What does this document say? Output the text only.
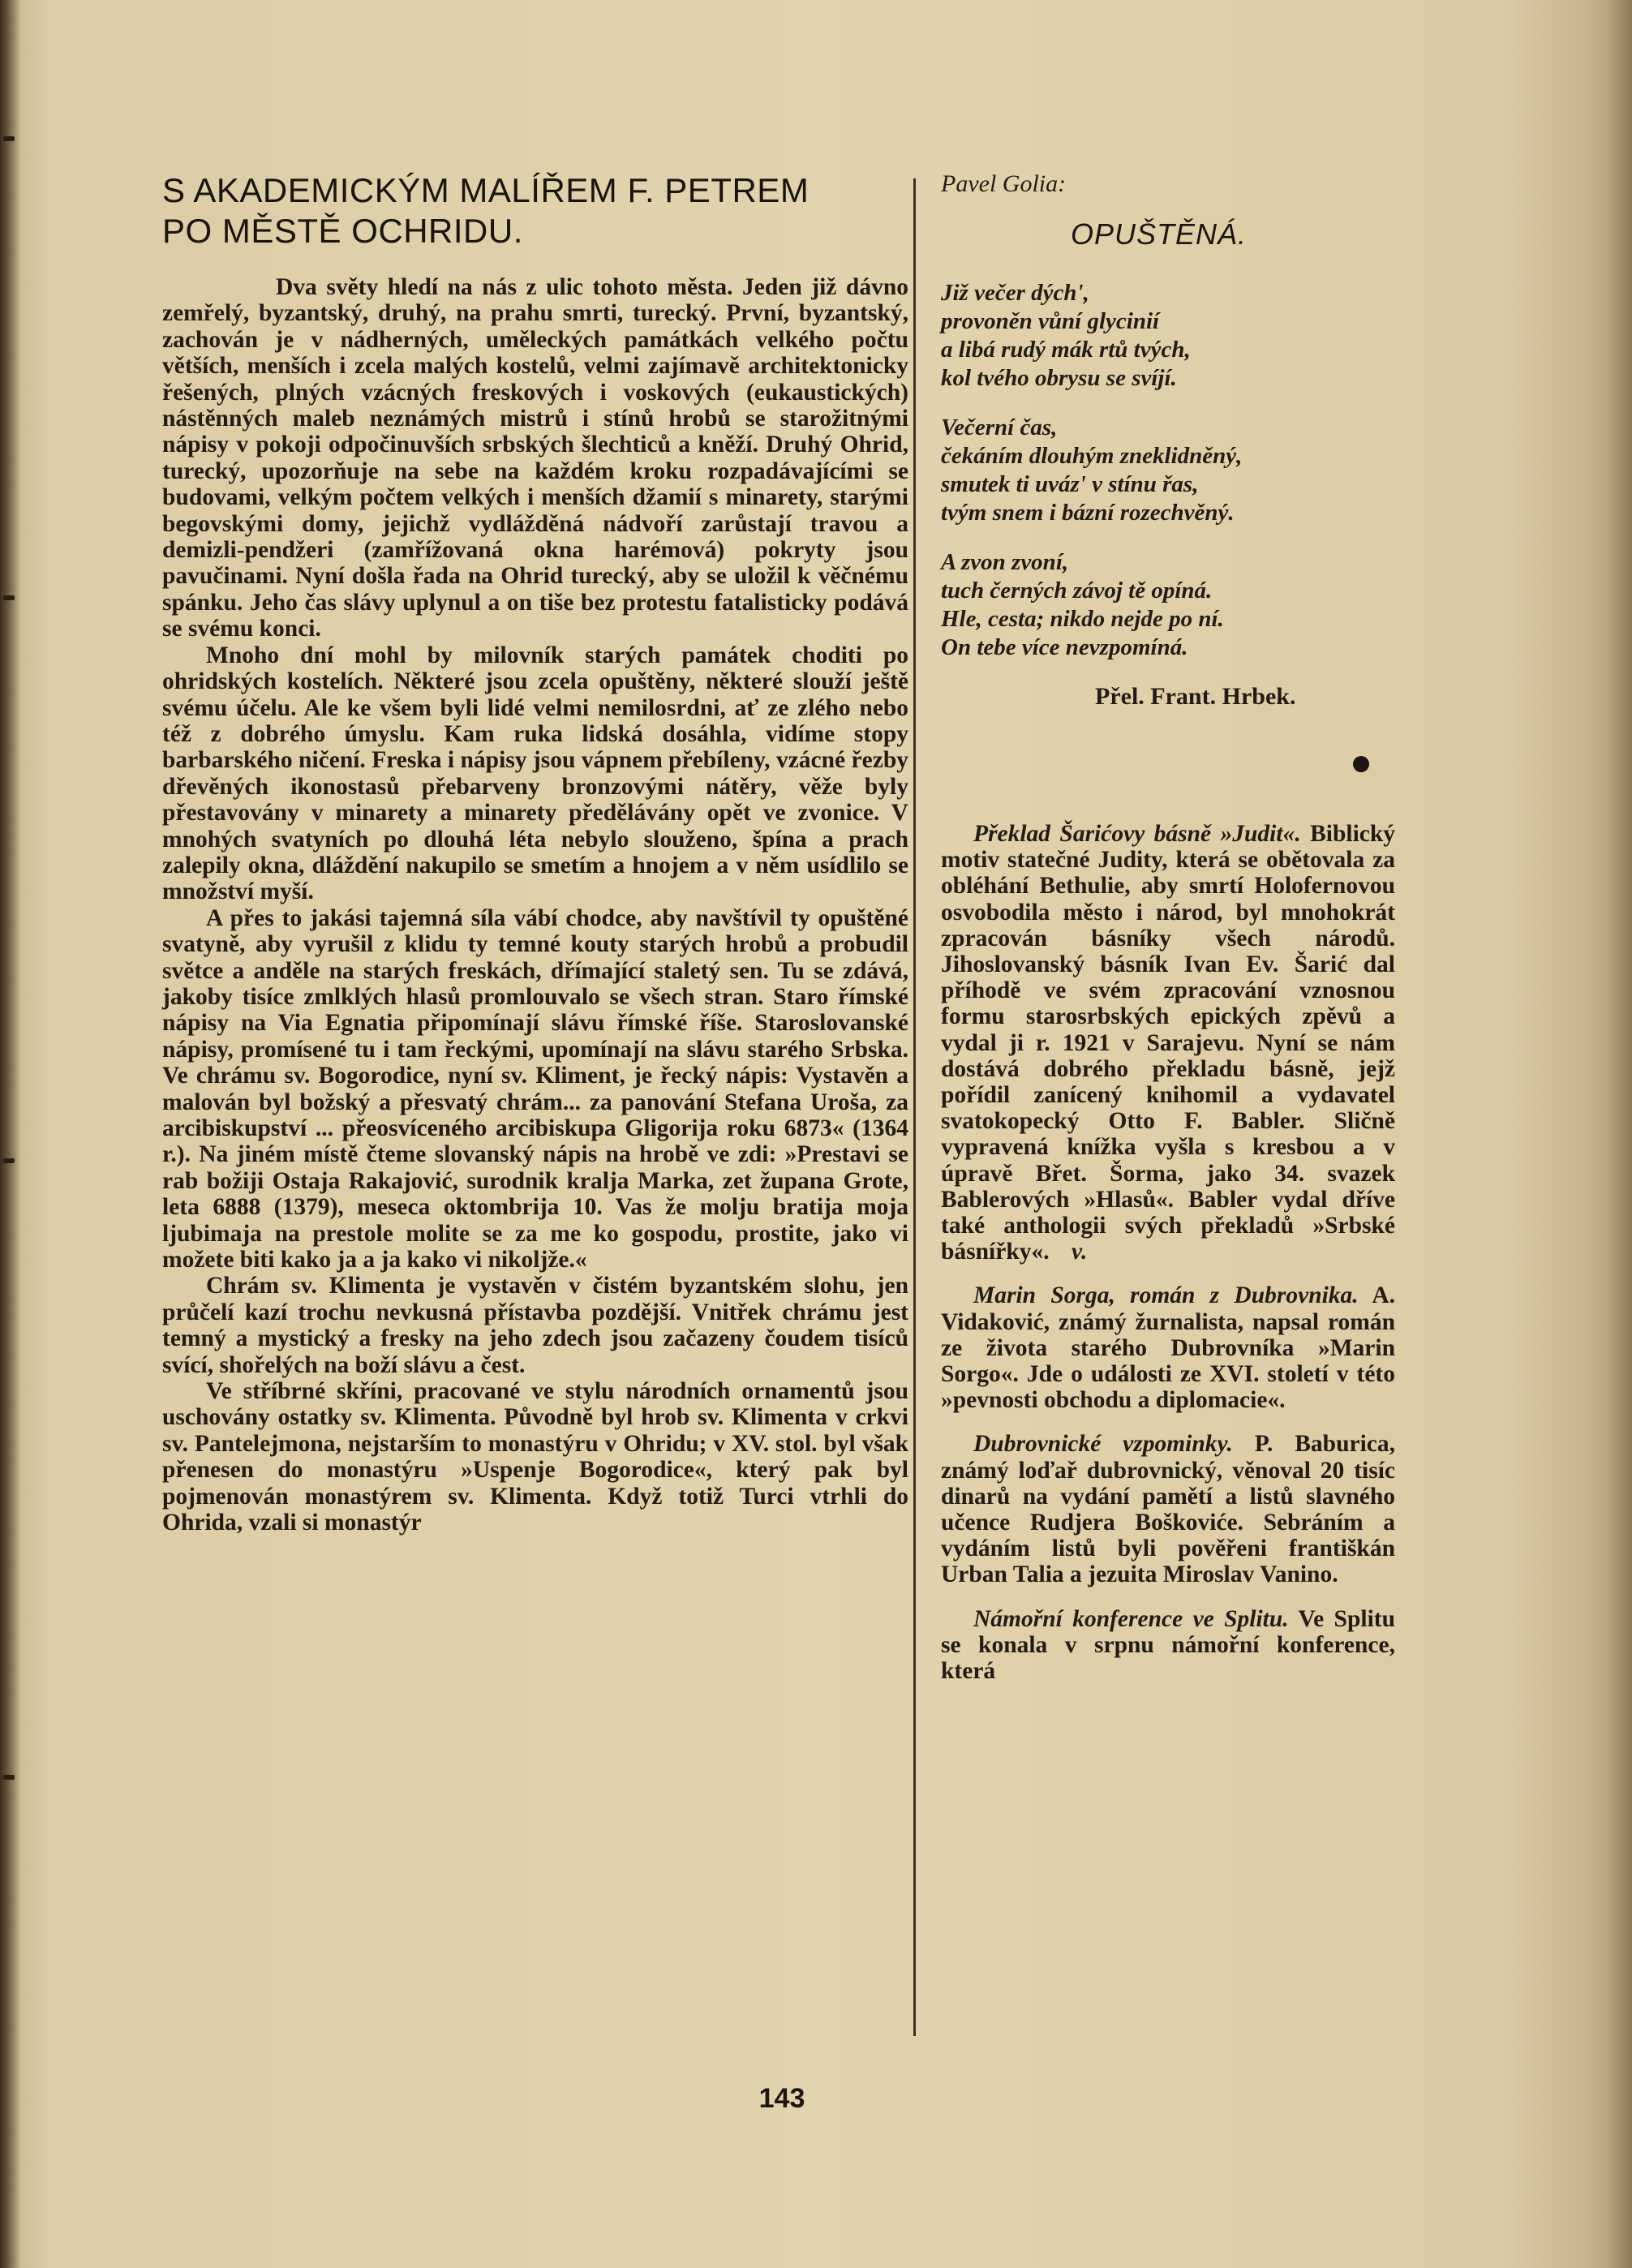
S AKADEMICKÝM MALÍŘEM F. PETREM
PO MĚSTĚ OCHRIDU.

Dva světy hledí na nás z ulic tohoto města. Jeden již dávno zemřelý, byzantský, druhý, na prahu smrti, turecký. První, byzantský, zachován je v nádherných, uměleckých památkách velkého počtu větších, menších i zcela malých kostelů, velmi zajímavě architektonicky řešených, plných vzácných freskových i voskových (eukaustických) nástěnných maleb neznámých mistrů i stínů hrobů se starožitnými nápisy v pokoji odpočinuvších srbských šlechticů a kněží. Druhý Ohrid, turecký, upozorňuje na sebe na každém kroku rozpadávajícími se budovami, velkým počtem velkých i menších džamií s minarety, starými begovskými domy, jejichž vydlážděná nádvoří zarůstají travou a demizli-pendžeri (zamřížovaná okna harémová) pokryty jsou pavučinami. Nyní došla řada na Ohrid turecký, aby se uložil k věčnému spánku. Jeho čas slávy uplynul a on tiše bez protestu fatalisticky podává se svému konci.

Mnoho dní mohl by milovník starých památek choditi po ohridských kostelích. Některé jsou zcela opuštěny, některé slouží ještě svému účelu. Ale ke všem byli lidé velmi nemilosrdni, ať ze zlého nebo též z dobrého úmyslu. Kam ruka lidská dosáhla, vidíme stopy barbarského ničení. Freska i nápisy jsou vápnem přebíleny, vzácné řezby dřevěných ikonostasů přebarveny bronzovými nátěry, věže byly přestavovány v minarety a minarety předělávány opět ve zvonice. V mnohých svatyních po dlouhá léta nebylo slouženo, špína a prach zalepily okna, dláždění nakupilo se smetím a hnojem a v něm usídlilo se množství myší.

A přes to jakási tajemná síla vábí chodce, aby navštívil ty opuštěné svatyně, aby vyrušil z klidu ty temné kouty starých hrobů a probudil světce a anděle na starých freskách, dřímající staletý sen. Tu se zdává, jakoby tisíce zmlklých hlasů promlouvalo se všech stran. Staro římské nápisy na Via Egnatia připomínají slávu římské říše. Staroslovanské nápisy, promísené tu i tam řeckými, upomínají na slávu starého Srbska. Ve chrámu sv. Bogorodice, nyní sv. Kliment, je řecký nápis: Vystavěn a malován byl božský a přesvatý chrám... za panování Stefana Uroša, za arcibiskupství ... přeosvíceného arcibiskupa Gligorija roku 6873« (1364 r.). Na jiném místě čteme slovanský nápis na hrobě ve zdi: »Prestavi se rab božiji Ostaja Rakajović, surodnik kralja Marka, zet župana Grote, leta 6888 (1379), meseca oktombrija 10. Vas že molju bratija moja ljubimaja na prestole molite se za me ko gospodu, prostite, jako vi možete biti kako ja a ja kako vi nikoljže.«

Chrám sv. Klimenta je vystavěn v čistém byzantském slohu, jen průčelí kazí trochu nevkusná přístavba pozdější. Vnitřek chrámu jest temný a mystický a fresky na jeho zdech jsou začazeny čoudem tisíců svící, shořelých na boží slávu a čest.

Ve stříbrné skříni, pracované ve stylu národních ornamentů jsou uschovány ostatky sv. Klimenta. Původně byl hrob sv. Klimenta v crkvi sv. Pantelejmona, nejstarším to monastýru v Ohridu; v XV. stol. byl však přenesen do monastýru »Uspenje Bogorodice«, který pak byl pojmenován monastýrem sv. Klimenta. Když totiž Turci vtrhli do Ohrida, vzali si monastýr

Pavel Golia:
OPUŠTĚNÁ.
Již večer dých',
provoněn vůní glycinií
a libá rudý mák rtů tvých,
kol tvého obrysu se svíjí.
Večerní čas,
čekáním dlouhým zneklidněný,
smutek ti uváz' v stínu řas,
tvým snem i bázní rozechvěný.
A zvon zvoní,
tuch černých závoj tě opíná.
Hle, cesta; nikdo nejde po ní.
On tebe více nevzpomíná.
Přel. Frant. Hrbek.

Překlad Šarićovy básně »Judit«. Biblický motiv statečné Judity, která se obětovala za obléhání Bethulie, aby smrtí Holofernovou osvobodila město i národ, byl mnohokrát zpracován básníky všech národů. Jihoslovanský básník Ivan Ev. Šarić dal příhodě ve svém zpracování vznosnou formu starosrbských epických zpěvů a vydal ji r. 1921 v Sarajevu. Nyní se nám dostává dobrého překladu básně, jejž pořídil zanícený knihomil a vydavatel svatokopecký Otto F. Babler. Sličně vypravená knížka vyšla s kresbou a v úpravě Břet. Šorma, jako 34. svazek Bablerových »Hlasů«. Babler vydal dříve také anthologii svých překladů »Srbské básnířky«. v.

Marin Sorga, román z Dubrovnika. A. Vidaković, známý žurnalista, napsal román ze života starého Dubrovníka »Marin Sorgo«. Jde o události ze XVI. století v této »pevnosti obchodu a diplomacie«.

Dubrovnické vzpominky. P. Baburica, známý loďař dubrovnický, věnoval 20 tisíc dinarů na vydání pamětí a listů slavného učence Rudjera Boškoviće. Sebráním a vydáním listů byli pověřeni františkán Urban Talia a jezuita Miroslav Vanino.

Námořní konference ve Splitu. Ve Splitu se konala v srpnu námořní konference, která

143
